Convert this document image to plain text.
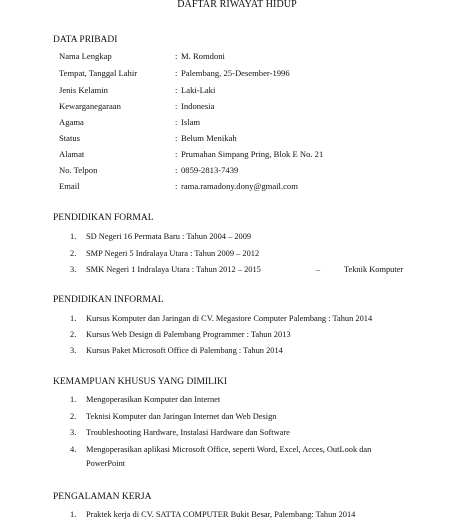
DAFTAR RIWAYAT HIDUP
DATA PRIBADI
Nama Lengkap	: M. Romdoni
Tempat, Tanggal Lahir	: Palembang, 25-Desember-1996
Jenis Kelamin	: Laki-Laki
Kewarganegaraan	: Indonesia
Agama	: Islam
Status	: Belum Menikah
Alamat	: Prumahan Simpang Pring, Blok E No. 21
No. Telpon	: 0859-2813-7439
Email	: rama.ramadony.dony@gmail.com
PENDIDIKAN FORMAL
1. SD Negeri 16 Permata Baru : Tahun 2004 – 2009
2. SMP Negeri 5 Indralaya Utara : Tahun 2009 – 2012
3. SMK Negeri 1 Indralaya Utara : Tahun 2012 – 2015	–	Teknik Komputer
PENDIDIKAN INFORMAL
1. Kursus Komputer dan Jaringan di CV. Megastore Computer Palembang : Tahun 2014
2. Kursus Web Design di Palembang Programmer : Tahun 2013
3. Kursus Paket Microsoft Office di Palembang : Tahun 2014
KEMAMPUAN KHUSUS YANG DIMILIKI
1. Mengoperasikan Komputer dan Internet
2. Teknisi Komputer dan Jaringan Internet dan Web Design
3. Troubleshooting Hardware, Instalasi Hardware dan Software
4. Mengoperasikan aplikasi Microsoft Office, seperti Word, Excel, Acces, OutLook dan
PowerPoint
PENGALAMAN KERJA
1. Praktek kerja di CV. SATTA COMPUTER Bukit Besar, Palembang: Tahun 2014
